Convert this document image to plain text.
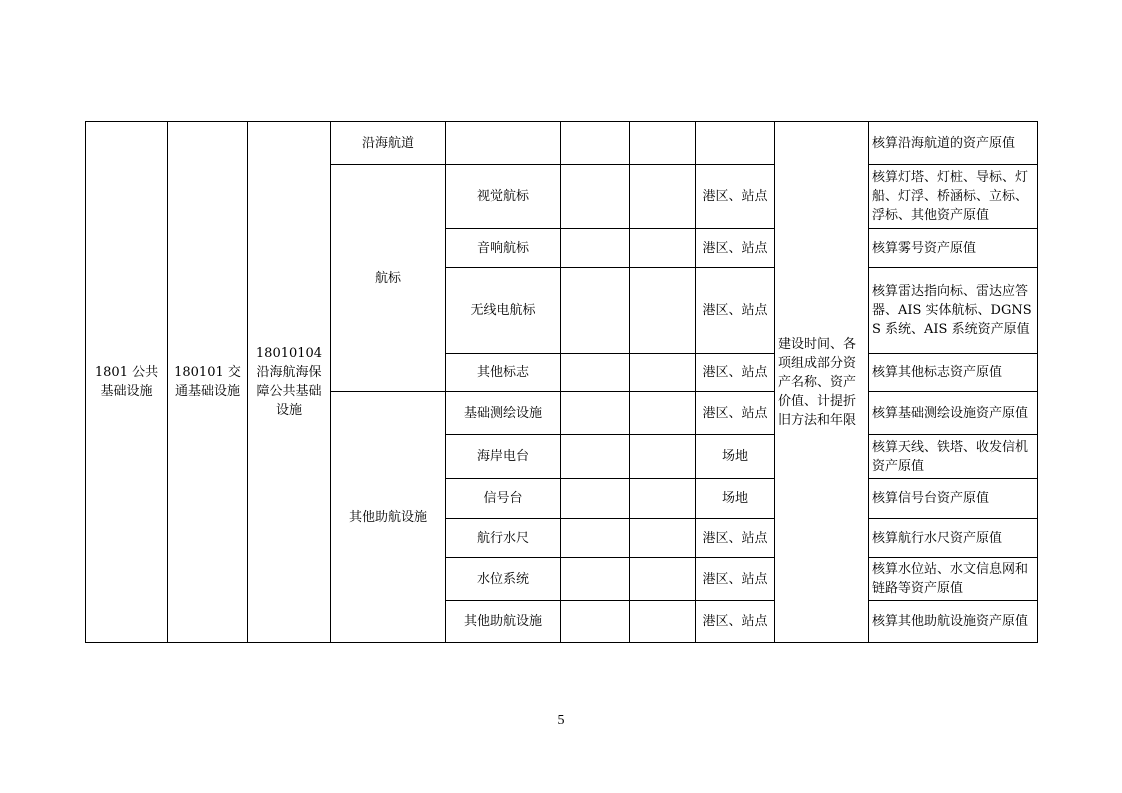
1801 公共基础设施	180101 交通基础设施	18010104 沿海航海保障公共基础设施	沿海航道					建设时间、各项组成部分资产名称、资产价值、计提折旧方法和年限	核算沿海航道的资产原值
			航标	视觉航标			港区、站点		核算灯塔、灯桩、导标、灯船、灯浮、桥涵标、立标、浮标、其他资产原值
				音响航标			港区、站点		核算雾号资产原值
				无线电航标			港区、站点		核算雷达指向标、雷达应答器、AIS 实体航标、DGNSS 系统、AIS 系统资产原值
				其他标志			港区、站点		核算其他标志资产原值
			其他助航设施	基础测绘设施			港区、站点		核算基础测绘设施资产原值
				海岸电台			场地		核算天线、铁塔、收发信机资产原值
				信号台			场地		核算信号台资产原值
				航行水尺			港区、站点		核算航行水尺资产原值
				水位系统			港区、站点		核算水位站、水文信息网和链路等资产原值
				其他助航设施			港区、站点		核算其他助航设施资产原值
5
